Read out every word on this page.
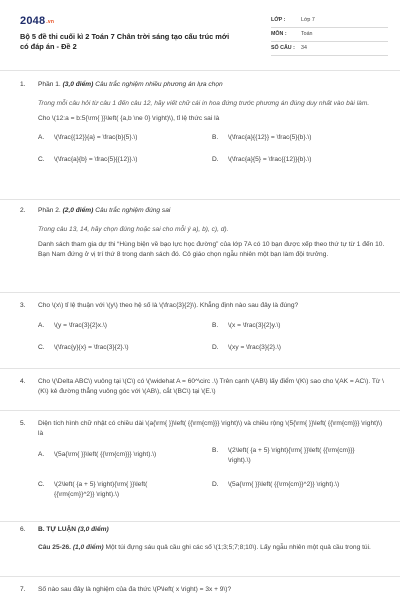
$2048^{.vn}$
Bộ 5 đề thi cuối kì 2 Toán 7 Chân trời sáng tạo cấu trúc mới có đáp án - Đề 2
LỚP :	Lớp 7
MÔN :	Toán
SỐ CÂU :	34
1.	Phần 1. (3,0 điểm) Câu trắc nghiệm nhiều phương án lựa chọn
Trong mỗi câu hỏi từ câu 1 đến câu 12, hãy viết chữ cái in hoa đứng trước phương án đúng duy nhất vào bài làm.
Cho \(12:a = b:5{\rm{ }}\left( {a,b \ne 0} \right)\), tỉ lệ thức sai là
A.	\(\frac{{12}}{a} = \frac{b}{5}.\)	B.	\(\frac{a}{{12}} = \frac{5}{b}.\)
C.	\(\frac{a}{b} = \frac{5}{{12}}.\)	D.	\(\frac{a}{5} = \frac{{12}}{b}.\)
2.	Phần 2. (2,0 điểm) Câu trắc nghiệm đúng sai
Trong câu 13, 14, hãy chọn đúng hoặc sai cho mỗi ý a), b), c), d).
Danh sách tham gia dự thi “Hùng biện về bạo lực học đường” của lớp 7A có 10 bạn được xếp theo thứ tự từ 1 đến 10. Bạn Nam đứng ở vị trí thứ 8 trong danh sách đó. Cô giáo chọn ngẫu nhiên một bạn làm đội trưởng.
3.	Cho \(x\) tỉ lệ thuận với \(y\) theo hệ số là \(\frac{3}{2}\). Khẳng định nào sau đây là đúng?
A.	\(y = \frac{3}{2}x.\)	B.	\(x = \frac{3}{2}y.\)
C.	\(\frac{y}{x} = \frac{3}{2}.\)	D.	\(xy = \frac{3}{2}.\)
4.	Cho \(\Delta ABC\) vuông tại \(C\) có \(\widehat A = 60^\circ .\) Trên cạnh \(AB\) lấy điểm \(K\) sao cho \(AK = AC\). Từ \(K\) kẻ đường thẳng vuông góc với \(AB\), cắt \(BC\) tại \(E.\)
5.	Diện tích hình chữ nhật có chiều dài \(a{\rm{ }}\left( {{\rm{cm}}} \right)\) và chiều rộng \(5{\rm{ }}\left( {{\rm{cm}}} \right)\) là
A.	\(5a{\rm{ }}\left( {{\rm{cm}}} \right).\)
B.	\(2\left( {a + 5} \right){\rm{ }}\left( {{\rm{cm}}} \right).\)
C.	\(2\left( {a + 5} \right){\rm{ }}\left( {{\rm{cm}}^2}} \right).\)
D.	\(5a{\rm{ }}\left( {{\rm{cm}}^2}} \right).\)
6.	B. TỰ LUẬN (3,0 điểm)
Câu 25-26. (1,0 điểm) Một túi đựng sáu quả cầu ghi các số \(1;3;5;7;8;10\). Lấy ngẫu nhiên một quả cầu trong túi.
7.	Số nào sau đây là nghiệm của đa thức \(P\left( x \right) = 3x + 9\)?
